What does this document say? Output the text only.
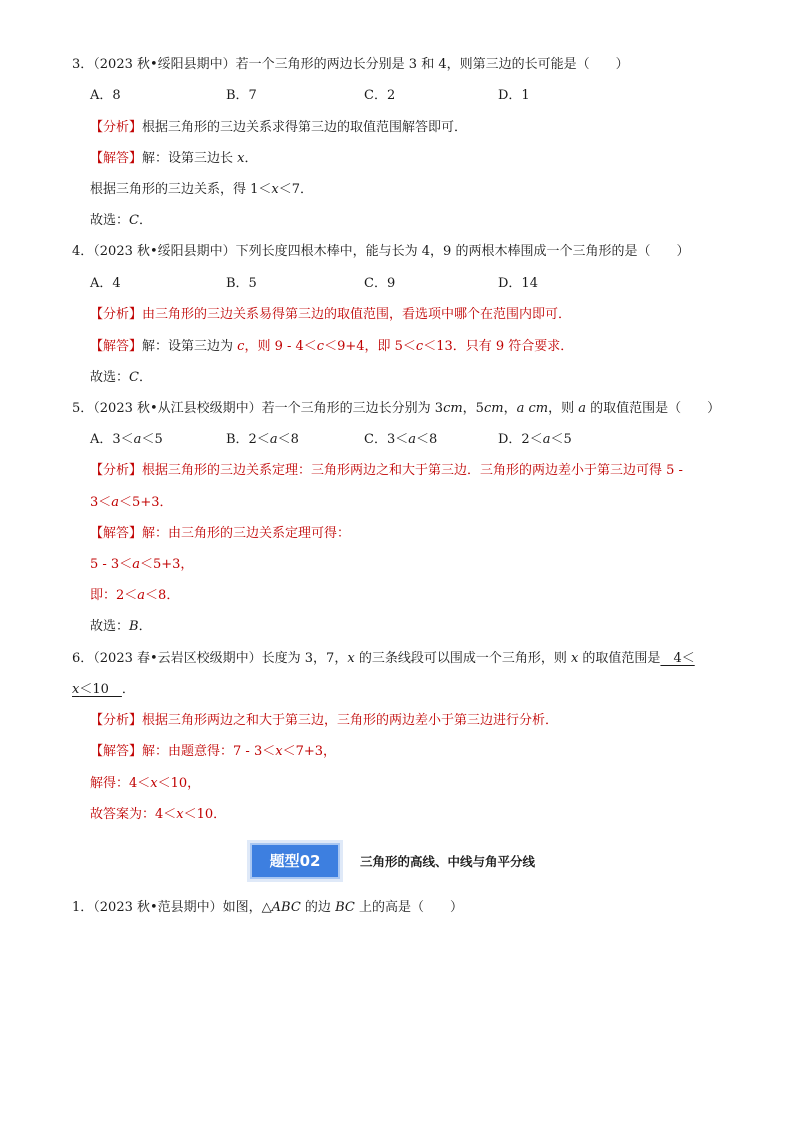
3．（2023 秋•绥阳县期中）若一个三角形的两边长分别是 3 和 4，则第三边的长可能是（　　）
A．8	B．7	C．2	D．1
【分析】根据三角形的三边关系求得第三边的取值范围解答即可．
【解答】解：设第三边长 x．
根据三角形的三边关系，得 1＜x＜7．
故选：C．
4．（2023 秋•绥阳县期中）下列长度四根木棒中，能与长为 4，9 的两根木棒围成一个三角形的是（　　）
A．4	B．5	C．9	D．14
【分析】由三角形的三边关系易得第三边的取值范围，看选项中哪个在范围内即可．
【解答】解：设第三边为 c，则 9 - 4＜c＜9+4，即 5＜c＜13．只有 9 符合要求．
故选：C．
5．（2023 秋•从江县校级期中）若一个三角形的三边长分别为 3cm，5cm，a cm，则 a 的取值范围是（　　）
A．3＜a＜5	B．2＜a＜8	C．3＜a＜8	D．2＜a＜5
【分析】根据三角形的三边关系定理：三角形两边之和大于第三边．三角形的两边差小于第三边可得 5 -
3＜a＜5+3．
【解答】解：由三角形的三边关系定理可得：
5 - 3＜a＜5+3，
即：2＜a＜8．
故选：B．
6．（2023 春•云岩区校级期中）长度为 3，7，x 的三条线段可以围成一个三角形，则 x 的取值范围是　4＜
x＜10　．
【分析】根据三角形两边之和大于第三边，三角形的两边差小于第三边进行分析．
【解答】解：由题意得：7 - 3＜x＜7+3，
解得：4＜x＜10，
故答案为：4＜x＜10．
题型02	三角形的高线、中线与角平分线
1．（2023 秋•范县期中）如图，△ABC 的边 BC 上的高是（　　）
